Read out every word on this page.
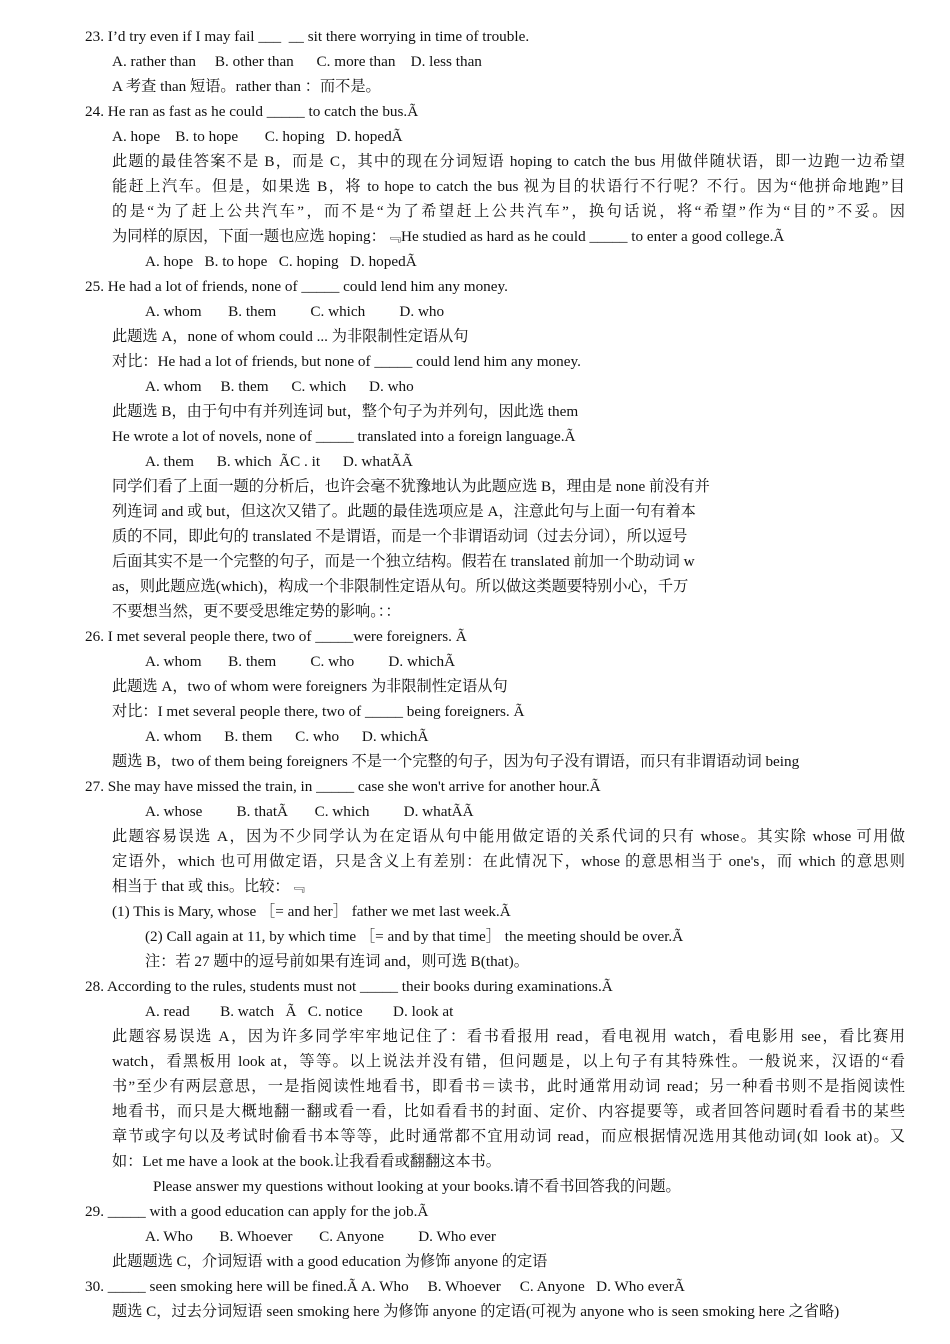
23. I’d try even if I may fail ___  __ sit there worrying in time of trouble.
A. rather than     B. other than      C. more than    D. less than
A 考查 than 短语。rather than ：而不是。
24. He ran as fast as he could _____ to catch the bus.Ã
A. hope    B. to hope       C. hoping   D. hopedÃ
此题的最佳答案不是 B，而是 C，其中的现在分词短语 hoping to catch the bus 用做伴随状语，即一边跑一边希望
能赶上汽车。但是，如果选 B，将 to hope to catch the bus 视为目的状语行不行呢？不行。因为“他拼命地跑”目
的是“为了赶上公共汽车”，而不是“为了希望赶上公共汽车”，换句话说，将“希望”作为“目的”不妥。因
为同样的原因，下面一题也应选 hoping：﹃He studied as hard as he could _____ to enter a good college.Ã
A. hope   B. to hope   C. hoping   D. hopedÃ
25. He had a lot of friends, none of _____ could lend him any money.
A. whom       B. them         C. which         D. who
此题选 A，none of whom could ... 为非限制性定语从句
对比：He had a lot of friends, but none of _____ could lend him any money.
A. whom     B. them      C. which      D. who
此题选 B，由于句中有并列连词 but，整个句子为并列句，因此选 them
He wrote a lot of novels, none of _____ translated into a foreign language.Ã
A. them      B. which  ÃC . it      D. whatÃÃ
同学们看了上面一题的分析后，也许会毫不犹豫地认为此题应选 B，理由是 none 前没有并
列连词 and 或 but，但这次又错了。此题的最佳选项应是 A，注意此句与上面一句有着本
质的不同，即此句的 translated 不是谓语，而是一个非谓语动词（过去分词），所以逗号
后面其实不是一个完整的句子，而是一个独立结构。假若在 translated 前加一个助动词 w
as，则此题应选(which)，构成一个非限制性定语从句。所以做这类题要特别小心，千万
不要想当然，更不要受思维定势的影响。：：
26. I met several people there, two of _____were foreigners. Ã
A. whom       B. them         C. who         D. whichÃ
此题选 A，two of whom were foreigners 为非限制性定语从句
对比：I met several people there, two of _____ being foreigners. Ã
A. whom      B. them      C. who      D. whichÃ
题选 B，two of them being foreigners 不是一个完整的句子，因为句子没有谓语，而只有非谓语动词 being
27. She may have missed the train, in _____ case she won't arrive for another hour.Ã
A. whose         B. thatÃ       C. which         D. whatÃÃ
此题容易误选 A，因为不少同学认为在定语从句中能用做定语的关系代词的只有 whose。其实除 whose 可用做
定语外，which 也可用做定语，只是含义上有差别：在此情况下，whose 的意思相当于 one's，而 which 的意思则
相当于 that 或 this。比较：﹃
(1) This is Mary, whose ［= and her］ father we met last week.Ã
(2) Call again at 11, by which time ［= and by that time］ the meeting should be over.Ã
注：若 27 题中的逗号前如果有连词 and，则可选 B(that)。
28. According to the rules, students must not _____ their books during examinations.Ã
A. read        B. watch   Ã   C. notice        D. look at
此题容易误选 A，因为许多同学牢牢地记住了：看书看报用 read，看电视用 watch，看电影用 see，看比赛用
watch，看黑板用 look at，等等。以上说法并没有错，但问题是，以上句子有其特殊性。一般说来，汉语的“看
书”至少有两层意思，一是指阅读性地看书，即看书＝读书，此时通常用动词 read；另一种看书则不是指阅读性
地看书，而只是大概地翻一翻或看一看，比如看看书的封面、定价、内容提要等，或者回答问题时看看书的某些
章节或字句以及考试时偷看书本等等，此时通常都不宜用动词 read，而应根据情况选用其他动词(如 look at)。又
如：Let me have a look at the book.让我看看或翻翻这本书。
Please answer my questions without looking at your books.请不看书回答我的问题。
29. _____ with a good education can apply for the job.Ã
A. Who       B. Whoever       C. Anyone         D. Who ever
此题题选 C，介词短语 with a good education 为修饰 anyone 的定语
30. _____ seen smoking here will be fined.Ã A. Who     B. Whoever     C. Anyone   D. Who everÃ
题选 C，过去分词短语 seen smoking here 为修饰 anyone 的定语(可视为 anyone who is seen smoking here 之省略)
